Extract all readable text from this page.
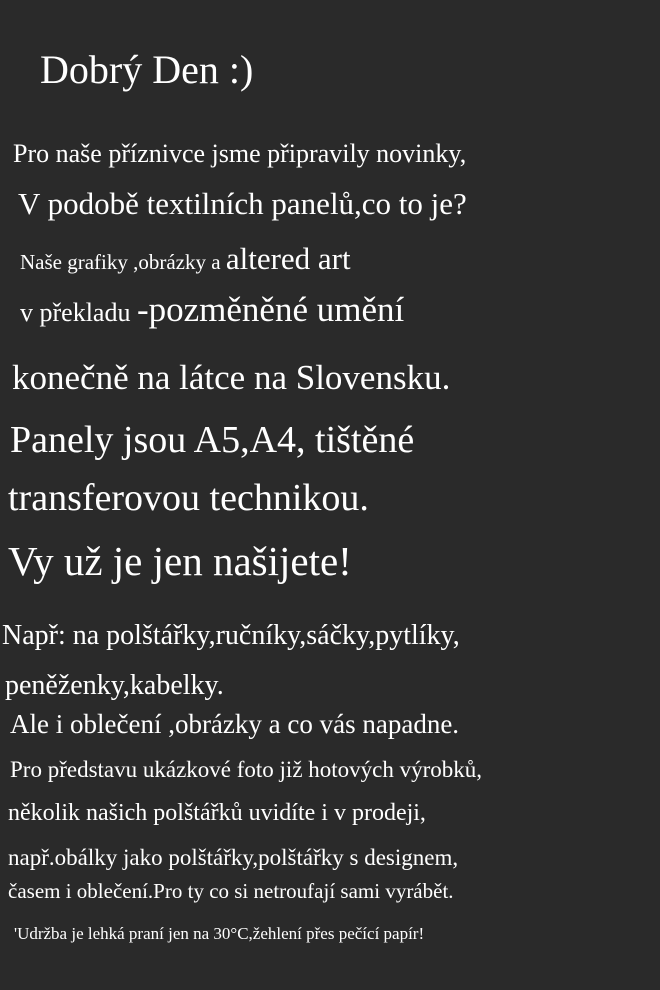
Dobrý Den :)
Pro naše příznivce jsme připravily novinky,
V podobě textilních panelů,co to je?
Naše grafiky ,obrázky a altered art
v překladu -pozměněné umění
konečně na látce na Slovensku.
Panely jsou A5,A4, tištěné
transferovou technikou.
Vy už je jen našijete!
Např: na polštářky,ručníky,sáčky,pytlíky,
peněženky,kabelky.
Ale i oblečení ,obrázky a co vás napadne.
Pro představu ukázkové foto již hotových výrobků,
několik našich polštářků uvidíte i v prodeji,
např.obálky jako polštářky,polštářky s designem,
časem i oblečení.Pro ty co si netroufají sami vyrábět.
'Udržba je lehká praní jen na 30°C,žehlení přes pečící papír!
